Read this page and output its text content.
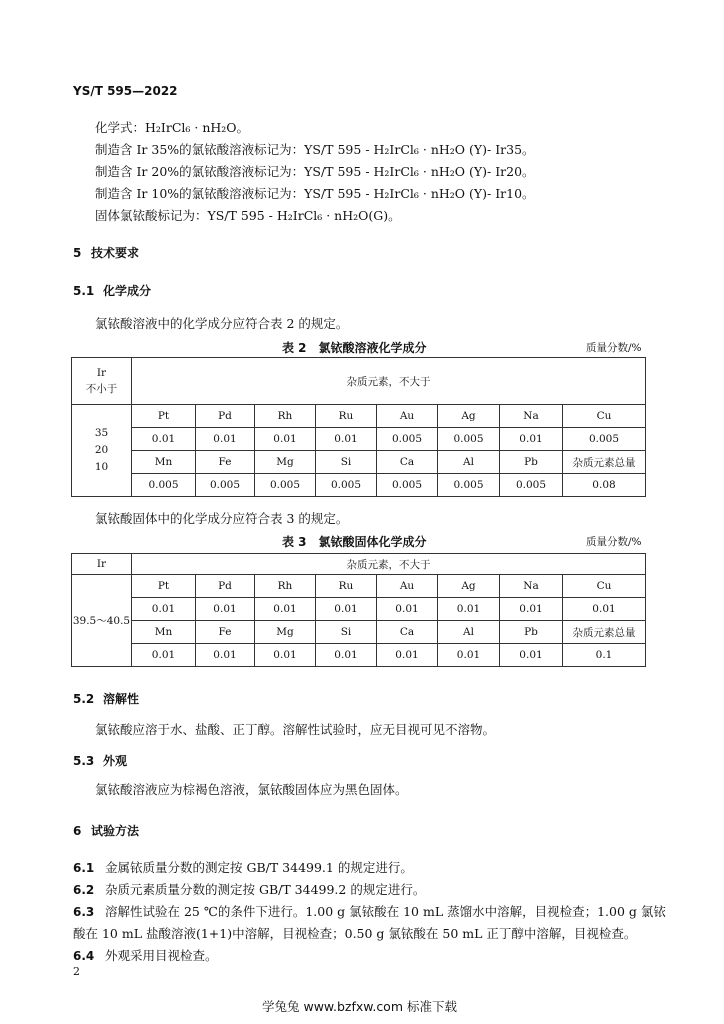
YS/T 595—2022
化学式：H₂IrCl₆ · nH₂O。
制造含 Ir 35%的氯铱酸溶液标记为：YS/T 595 - H₂IrCl₆ · nH₂O (Y)- Ir35。
制造含 Ir 20%的氯铱酸溶液标记为：YS/T 595 - H₂IrCl₆ · nH₂O (Y)- Ir20。
制造含 Ir 10%的氯铱酸溶液标记为：YS/T 595 - H₂IrCl₆ · nH₂O (Y)- Ir10。
固体氯铱酸标记为：YS/T 595 - H₂IrCl₆ · nH₂O(G)。
5 技术要求
5.1 化学成分
氯铱酸溶液中的化学成分应符合表 2 的规定。
表 2　氯铱酸溶液化学成分	质量分数/%
Ir
不小于	杂质元素，不大于							
35
20
10	Pt	Pd	Rh	Ru	Au	Ag	Na	Cu
	0.01	0.01	0.01	0.01	0.005	0.005	0.01	0.005
	Mn	Fe	Mg	Si	Ca	Al	Pb	杂质元素总量
	0.005	0.005	0.005	0.005	0.005	0.005	0.005	0.08
氯铱酸固体中的化学成分应符合表 3 的规定。
表 3　氯铱酸固体化学成分	质量分数/%
Ir	杂质元素，不大于							
39.5～40.5	Pt	Pd	Rh	Ru	Au	Ag	Na	Cu
	0.01	0.01	0.01	0.01	0.01	0.01	0.01	0.01
	Mn	Fe	Mg	Si	Ca	Al	Pb	杂质元素总量
	0.01	0.01	0.01	0.01	0.01	0.01	0.01	0.1
5.2 溶解性
氯铱酸应溶于水、盐酸、正丁醇。溶解性试验时，应无目视可见不溶物。
5.3 外观
氯铱酸溶液应为棕褐色溶液，氯铱酸固体应为黑色固体。
6 试验方法
6.1 金属铱质量分数的测定按 GB/T 34499.1 的规定进行。
6.2 杂质元素质量分数的测定按 GB/T 34499.2 的规定进行。
6.3 溶解性试验在 25 ℃的条件下进行。1.00 g 氯铱酸在 10 mL 蒸馏水中溶解，目视检查；1.00 g 氯铱
酸在 10 mL 盐酸溶液(1+1)中溶解，目视检查；0.50 g 氯铱酸在 50 mL 正丁醇中溶解，目视检查。
6.4 外观采用目视检查。
2
学兔兔 www.bzfxw.com 标准下载
